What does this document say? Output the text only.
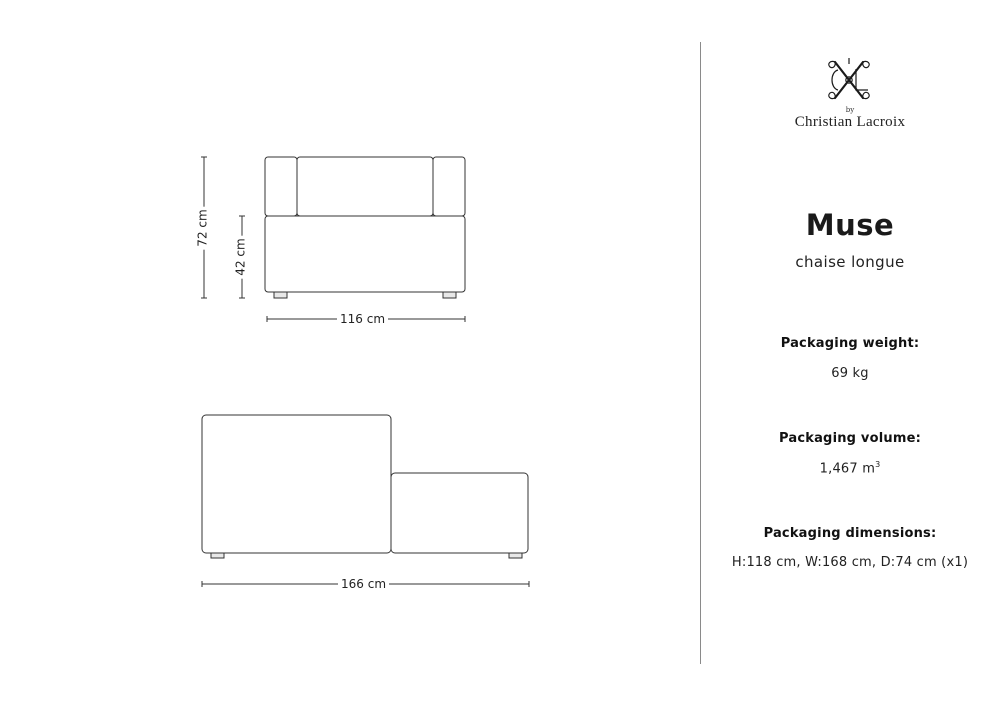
72 cm
42 cm
116 cm
166 cm
by
Christian Lacroix
Muse
chaise longue
Packaging weight:
69 kg
Packaging volume:
1,467 $m^3$
Packaging dimensions:
H:118 cm, W:168 cm, D:74 cm (x1)
